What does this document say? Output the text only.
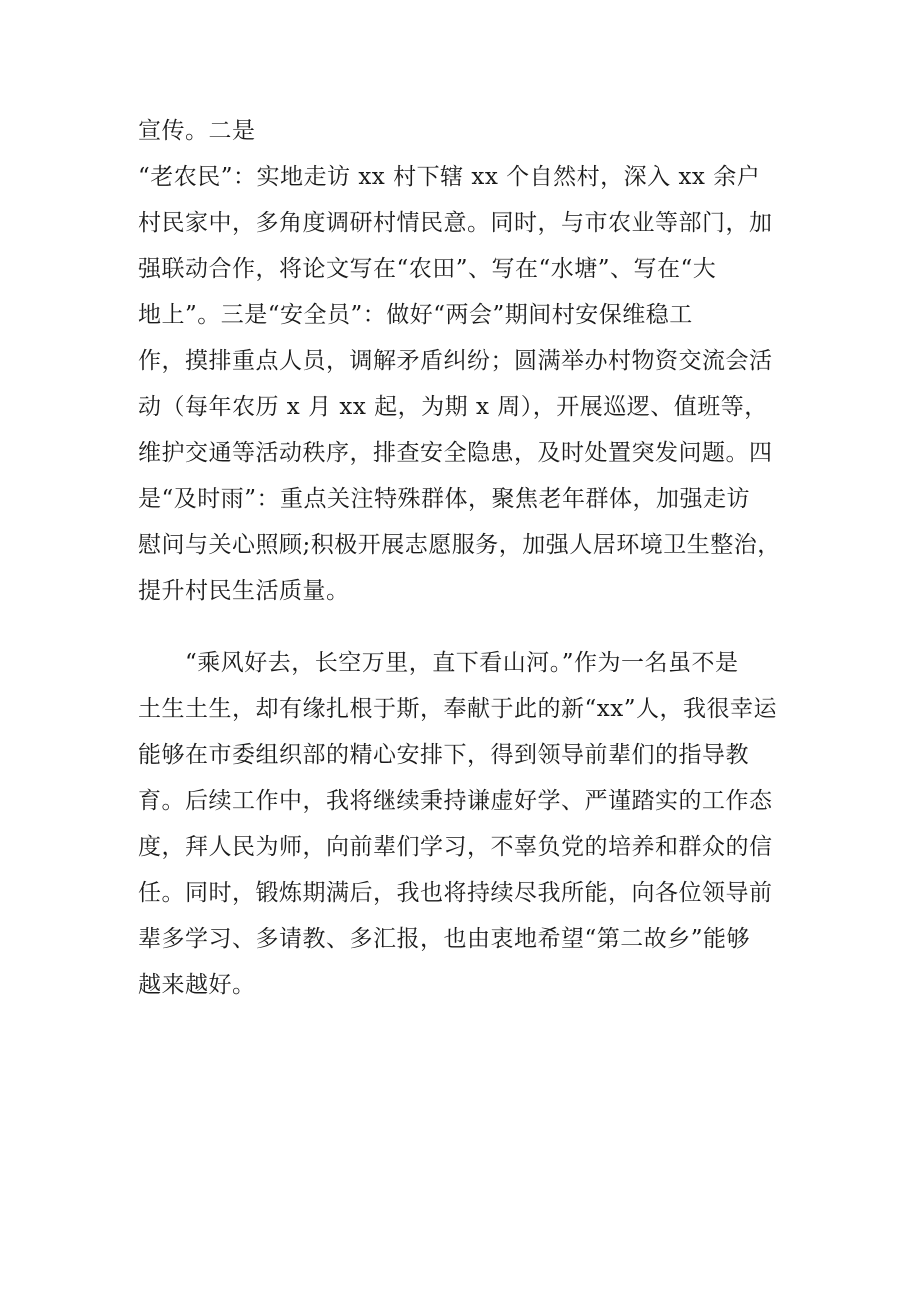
宣传。二是
“老农民”：实地走访 xx 村下辖 xx 个自然村，深入 xx 余户
村民家中，多角度调研村情民意。同时，与市农业等部门，加
强联动合作，将论文写在“农田”、写在“水塘”、写在“大
地上”。三是“安全员”：做好“两会”期间村安保维稳工
作，摸排重点人员，调解矛盾纠纷；圆满举办村物资交流会活
动（每年农历 x 月 xx 起，为期 x 周），开展巡逻、值班等，
维护交通等活动秩序，排查安全隐患，及时处置突发问题。四
是“及时雨”：重点关注特殊群体，聚焦老年群体，加强走访
慰问与关心照顾;积极开展志愿服务，加强人居环境卫生整治，
提升村民生活质量。
　　“乘风好去，长空万里，直下看山河。”作为一名虽不是
土生土生，却有缘扎根于斯，奉献于此的新“xx”人，我很幸运
能够在市委组织部的精心安排下，得到领导前辈们的指导教
育。后续工作中，我将继续秉持谦虚好学、严谨踏实的工作态
度，拜人民为师，向前辈们学习，不辜负党的培养和群众的信
任。同时，锻炼期满后，我也将持续尽我所能，向各位领导前
辈多学习、多请教、多汇报，也由衷地希望“第二故乡”能够
越来越好。
